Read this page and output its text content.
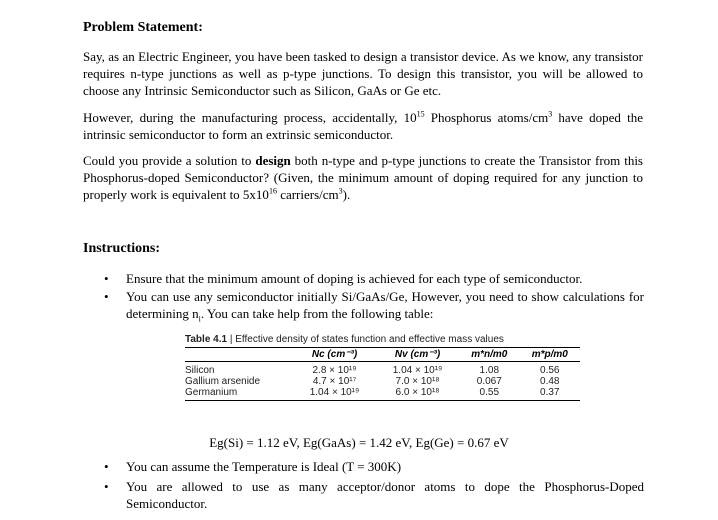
Problem Statement:
Say, as an Electric Engineer, you have been tasked to design a transistor device. As we know, any transistor requires n-type junctions as well as p-type junctions. To design this transistor, you will be allowed to choose any Intrinsic Semiconductor such as Silicon, GaAs or Ge etc.
However, during the manufacturing process, accidentally, $10^{15}$ Phosphorus atoms/$cm^3$ have doped the intrinsic semiconductor to form an extrinsic semiconductor.
Could you provide a solution to design both n-type and p-type junctions to create the Transistor from this Phosphorus-doped Semiconductor? (Given, the minimum amount of doping required for any junction to properly work is equivalent to $5x10^{16}$ carriers/$cm^3$).
Instructions:
• Ensure that the minimum amount of doping is achieved for each type of semiconductor.
• You can use any semiconductor initially Si/GaAs/Ge, However, you need to show calculations for determining $n_i$. You can take help from the following table:
Table 4.1 | Effective density of states function and effective mass values
	Nc (cm⁻³)	Nv (cm⁻³)	m*n/m0	m*p/m0
Silicon	2.8 × 10¹⁹	1.04 × 10¹⁹	1.08	0.56
Gallium arsenide	4.7 × 10¹⁷	7.0 × 10¹⁸	0.067	0.48
Germanium	1.04 × 10¹⁹	6.0 × 10¹⁸	0.55	0.37
Eg(Si) = 1.12 eV, Eg(GaAs) = 1.42 eV, Eg(Ge) = 0.67 eV
• You can assume the Temperature is Ideal (T = 300K)
• You are allowed to use as many acceptor/donor atoms to dope the Phosphorus-Doped Semiconductor.
